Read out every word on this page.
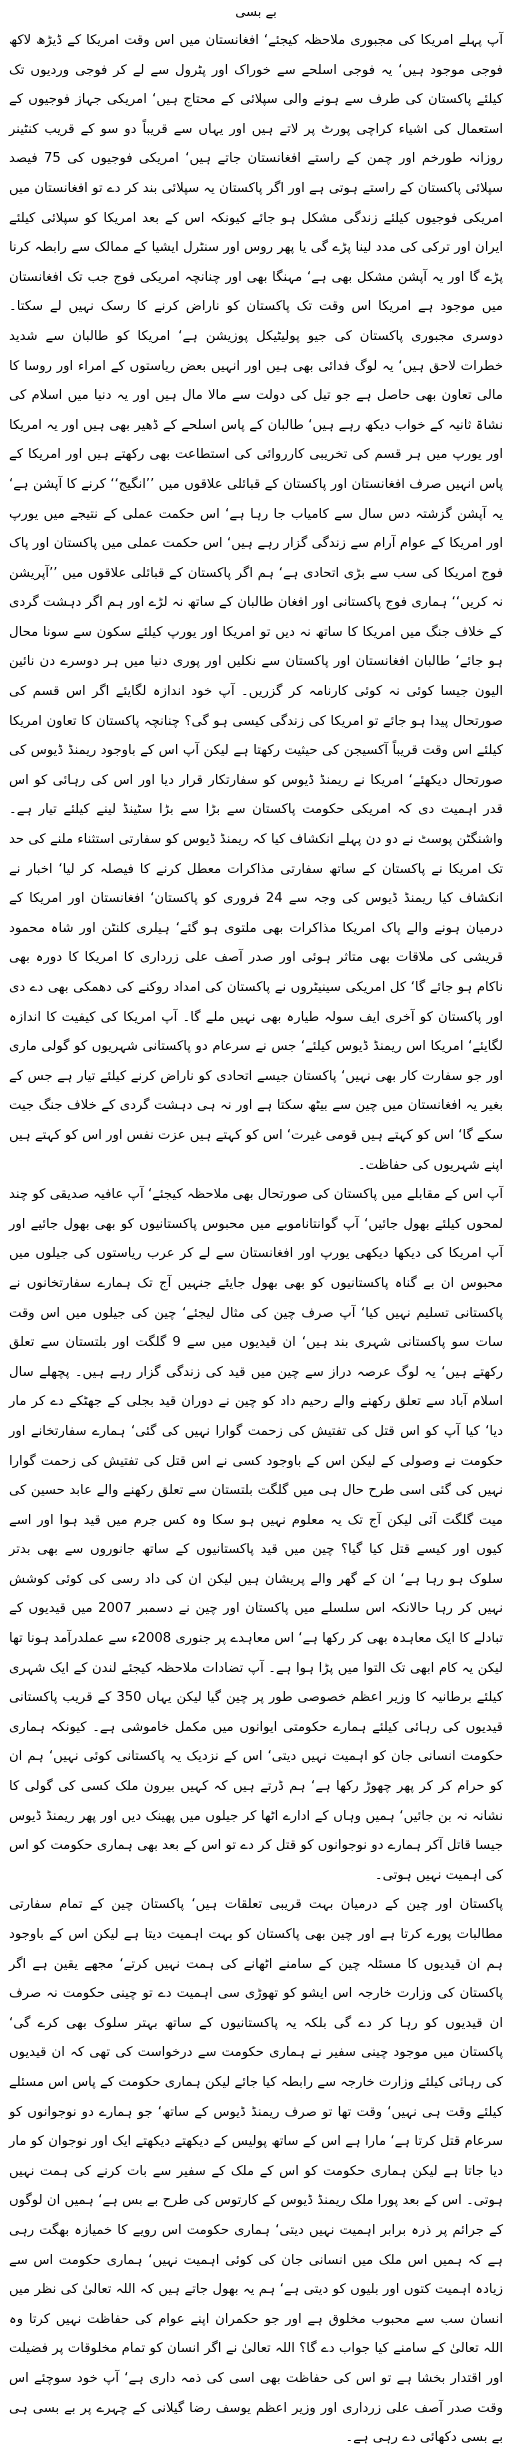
بے بسی

آپ پہلے امریکا کی مجبوری ملاحظہ کیجئے‘ افغانستان میں اس وقت امریکا کے ڈیڑھ لاکھ فوجی موجود ہیں‘ یہ فوجی اسلحے سے خوراک اور پٹرول سے لے کر فوجی وردیوں تک کیلئے پاکستان کی طرف سے ہونے والی سپلائی کے محتاج ہیں‘ امریکی جہاز فوجیوں کے استعمال کی اشیاء کراچی پورٹ پر لاتے ہیں اور یہاں سے قریباً دو سو کے قریب کنٹینر روزانہ طورخم اور چمن کے راستے افغانستان جاتے ہیں‘ امریکی فوجیوں کی 75 فیصد سپلائی پاکستان کے راستے ہوتی ہے اور اگر پاکستان یہ سپلائی بند کر دے تو افغانستان میں امریکی فوجیوں کیلئے زندگی مشکل ہو جائے کیونکہ اس کے بعد امریکا کو سپلائی کیلئے ایران اور ترکی کی مدد لینا پڑے گی یا پھر روس اور سنٹرل ایشیا کے ممالک سے رابطہ کرنا پڑے گا اور یہ آپشن مشکل بھی ہے‘ مہنگا بھی اور چنانچہ امریکی فوج جب تک افغانستان میں موجود ہے امریکا اس وقت تک پاکستان کو ناراض کرنے کا رسک نہیں لے سکتا۔ دوسری مجبوری پاکستان کی جیو پولیٹیکل پوزیشن ہے‘ امریکا کو طالبان سے شدید خطرات لاحق ہیں‘ یہ لوگ فدائی بھی ہیں اور انہیں بعض ریاستوں کے امراء اور روسا کا مالی تعاون بھی حاصل ہے جو تیل کی دولت سے مالا مال ہیں اور یہ دنیا میں اسلام کی نشاۃ ثانیہ کے خواب دیکھ رہے ہیں‘ طالبان کے پاس اسلحے کے ڈھیر بھی ہیں اور یہ امریکا اور یورپ میں ہر قسم کی تخریبی کارروائی کی استطاعت بھی رکھتے ہیں اور امریکا کے پاس انہیں صرف افغانستان اور پاکستان کے قبائلی علاقوں میں ’’انگیج‘‘ کرنے کا آپشن ہے‘ یہ آپشن گزشتہ دس سال سے کامیاب جا رہا ہے‘ اس حکمت عملی کے نتیجے میں یورپ اور امریکا کے عوام آرام سے زندگی گزار رہے ہیں‘ اس حکمت عملی میں پاکستان اور پاک فوج امریکا کی سب سے بڑی اتحادی ہے‘ ہم اگر پاکستان کے قبائلی علاقوں میں ’’آپریشن نہ کریں‘‘ ہماری فوج پاکستانی اور افغان طالبان کے ساتھ نہ لڑے اور ہم اگر دہشت گردی کے خلاف جنگ میں امریکا کا ساتھ نہ دیں تو امریکا اور یورپ کیلئے سکون سے سونا محال ہو جائے‘ طالبان افغانستان اور پاکستان سے نکلیں اور پوری دنیا میں ہر دوسرے دن نائین الیون جیسا کوئی نہ کوئی کارنامہ کر گزریں۔ آپ خود اندازہ لگایئے اگر اس قسم کی صورتحال پیدا ہو جائے تو امریکا کی زندگی کیسی ہو گی؟ چنانچہ پاکستان کا تعاون امریکا کیلئے اس وقت قریباً آکسیجن کی حیثیت رکھتا ہے لیکن آپ اس کے باوجود ریمنڈ ڈیوس کی صورتحال دیکھئے‘ امریکا نے ریمنڈ ڈیوس کو سفارتکار قرار دیا اور اس کی رہائی کو اس قدر اہمیت دی کہ امریکی حکومت پاکستان سے بڑا سے بڑا سٹینڈ لینے کیلئے تیار ہے۔ واشنگٹن پوسٹ نے دو دن پہلے انکشاف کیا کہ ریمنڈ ڈیوس کو سفارتی استثناء ملنے کی حد تک امریکا نے پاکستان کے ساتھ سفارتی مذاکرات معطل کرنے کا فیصلہ کر لیا‘ اخبار نے انکشاف کیا ریمنڈ ڈیوس کی وجہ سے 24 فروری کو پاکستان‘ افغانستان اور امریکا کے درمیان ہونے والے پاک امریکا مذاکرات بھی ملتوی ہو گئے‘ ہیلری کلنٹن اور شاہ محمود قریشی کی ملاقات بھی متاثر ہوئی اور صدر آصف علی زرداری کا امریکا کا دورہ بھی ناکام ہو جائے گا‘ کل امریکی سینیٹروں نے پاکستان کی امداد روکنے کی دھمکی بھی دے دی اور پاکستان کو آخری ایف سولہ طیارہ بھی نہیں ملے گا۔ آپ امریکا کی کیفیت کا اندازہ لگایئے‘ امریکا اس ریمنڈ ڈیوس کیلئے‘ جس نے سرعام دو پاکستانی شہریوں کو گولی ماری اور جو سفارت کار بھی نہیں‘ پاکستان جیسے اتحادی کو ناراض کرنے کیلئے تیار ہے جس کے بغیر یہ افغانستان میں چین سے بیٹھ سکتا ہے اور نہ ہی دہشت گردی کے خلاف جنگ جیت سکے گا‘ اس کو کہتے ہیں قومی غیرت‘ اس کو کہتے ہیں عزت نفس اور اس کو کہتے ہیں اپنے شہریوں کی حفاظت۔

آپ اس کے مقابلے میں پاکستان کی صورتحال بھی ملاحظہ کیجئے‘ آپ عافیہ صدیقی کو چند لمحوں کیلئے بھول جائیں‘ آپ گوانتاناموبے میں محبوس پاکستانیوں کو بھی بھول جائیے اور آپ امریکا کی دیکھا دیکھی یورپ اور افغانستان سے لے کر عرب ریاستوں کی جیلوں میں محبوس ان بے گناہ پاکستانیوں کو بھی بھول جایئے جنہیں آج تک ہمارے سفارتخانوں نے پاکستانی تسلیم نہیں کیا‘ آپ صرف چین کی مثال لیجئے‘ چین کی جیلوں میں اس وقت سات سو پاکستانی شہری بند ہیں‘ ان قیدیوں میں سے 9 گلگت اور بلتستان سے تعلق رکھتے ہیں‘ یہ لوگ عرصہ دراز سے چین میں قید کی زندگی گزار رہے ہیں۔ پچھلے سال اسلام آباد سے تعلق رکھنے والے رحیم داد کو چین نے دوران قید بجلی کے جھٹکے دے کر مار دیا‘ کیا آپ کو اس قتل کی تفتیش کی زحمت گوارا نہیں کی گئی‘ ہمارے سفارتخانے اور حکومت نے وصولی کے لیکن اس کے باوجود کسی نے اس قتل کی تفتیش کی زحمت گوارا نہیں کی گئی اسی طرح حال ہی میں گلگت بلتستان سے تعلق رکھنے والے عابد حسین کی میت گلگت آئی لیکن آج تک یہ معلوم نہیں ہو سکا وہ کس جرم میں قید ہوا اور اسے کیوں اور کیسے قتل کیا گیا؟ چین میں قید پاکستانیوں کے ساتھ جانوروں سے بھی بدتر سلوک ہو رہا ہے‘ ان کے گھر والے پریشان ہیں لیکن ان کی داد رسی کی کوئی کوشش نہیں کر رہا حالانکہ اس سلسلے میں پاکستان اور چین نے دسمبر 2007 میں قیدیوں کے تبادلے کا ایک معاہدہ بھی کر رکھا ہے‘ اس معاہدے پر جنوری 2008ء سے عملدرآمد ہونا تھا لیکن یہ کام ابھی تک التوا میں پڑا ہوا ہے۔ آپ تضادات ملاحظہ کیجئے لندن کے ایک شہری کیلئے برطانیہ کا وزیر اعظم خصوصی طور پر چین گیا لیکن یہاں 350 کے قریب پاکستانی قیدیوں کی رہائی کیلئے ہمارے حکومتی ایوانوں میں مکمل خاموشی ہے۔ کیونکہ ہماری حکومت انسانی جان کو اہمیت نہیں دیتی‘ اس کے نزدیک یہ پاکستانی کوئی نہیں‘ ہم ان کو حرام کر کر پھر چھوڑ رکھا ہے‘ ہم ڈرتے ہیں کہ کہیں بیرون ملک کسی کی گولی کا نشانہ نہ بن جائیں‘ ہمیں وہاں کے ادارے اٹھا کر جیلوں میں پھینک دیں اور پھر ریمنڈ ڈیوس جیسا قاتل آکر ہمارے دو نوجوانوں کو قتل کر دے تو اس کے بعد بھی ہماری حکومت کو اس کی اہمیت نہیں ہوتی۔

پاکستان اور چین کے درمیان بہت قریبی تعلقات ہیں‘ پاکستان چین کے تمام سفارتی مطالبات پورے کرتا ہے اور چین بھی پاکستان کو بہت اہمیت دیتا ہے لیکن اس کے باوجود ہم ان قیدیوں کا مسئلہ چین کے سامنے اٹھانے کی ہمت نہیں کرتے‘ مجھے یقین ہے اگر پاکستان کی وزارت خارجہ اس ایشو کو تھوڑی سی اہمیت دے تو چینی حکومت نہ صرف ان قیدیوں کو رہا کر دے گی بلکہ یہ پاکستانیوں کے ساتھ بہتر سلوک بھی کرے گی‘ پاکستان میں موجود چینی سفیر نے ہماری حکومت سے درخواست کی تھی کہ ان قیدیوں کی رہائی کیلئے وزارت خارجہ سے رابطہ کیا جائے لیکن ہماری حکومت کے پاس اس مسئلے کیلئے وقت ہی نہیں‘ وقت تھا تو صرف ریمنڈ ڈیوس کے ساتھ‘ جو ہمارے دو نوجوانوں کو سرعام قتل کرتا ہے‘ مارا ہے اس کے ساتھ پولیس کے دیکھتے دیکھتے ایک اور نوجوان کو مار دیا جاتا ہے لیکن ہماری حکومت کو اس کے ملک کے سفیر سے بات کرنے کی ہمت نہیں ہوتی۔ اس کے بعد پورا ملک ریمنڈ ڈیوس کے کارتوس کی طرح بے بس ہے‘ ہمیں ان لوگوں کے جرائم پر ذرہ برابر اہمیت نہیں دیتی‘ ہماری حکومت اس رویے کا خمیازہ بھگت رہی ہے کہ ہمیں اس ملک میں انسانی جان کی کوئی اہمیت نہیں‘ ہماری حکومت اس سے زیادہ اہمیت کتوں اور بلیوں کو دیتی ہے‘ ہم یہ بھول جاتے ہیں کہ اللہ تعالیٰ کی نظر میں انسان سب سے محبوب مخلوق ہے اور جو حکمران اپنے عوام کی حفاظت نہیں کرتا وہ اللہ تعالیٰ کے سامنے کیا جواب دے گا؟ اللہ تعالیٰ نے اگر انسان کو تمام مخلوقات پر فضیلت اور اقتدار بخشا ہے تو اس کی حفاظت بھی اسی کی ذمہ داری ہے‘ آپ خود سوچئے اس وقت صدر آصف علی زرداری اور وزیر اعظم یوسف رضا گیلانی کے چہرے پر بے بسی ہی بے بسی دکھائی دے رہی ہے۔
